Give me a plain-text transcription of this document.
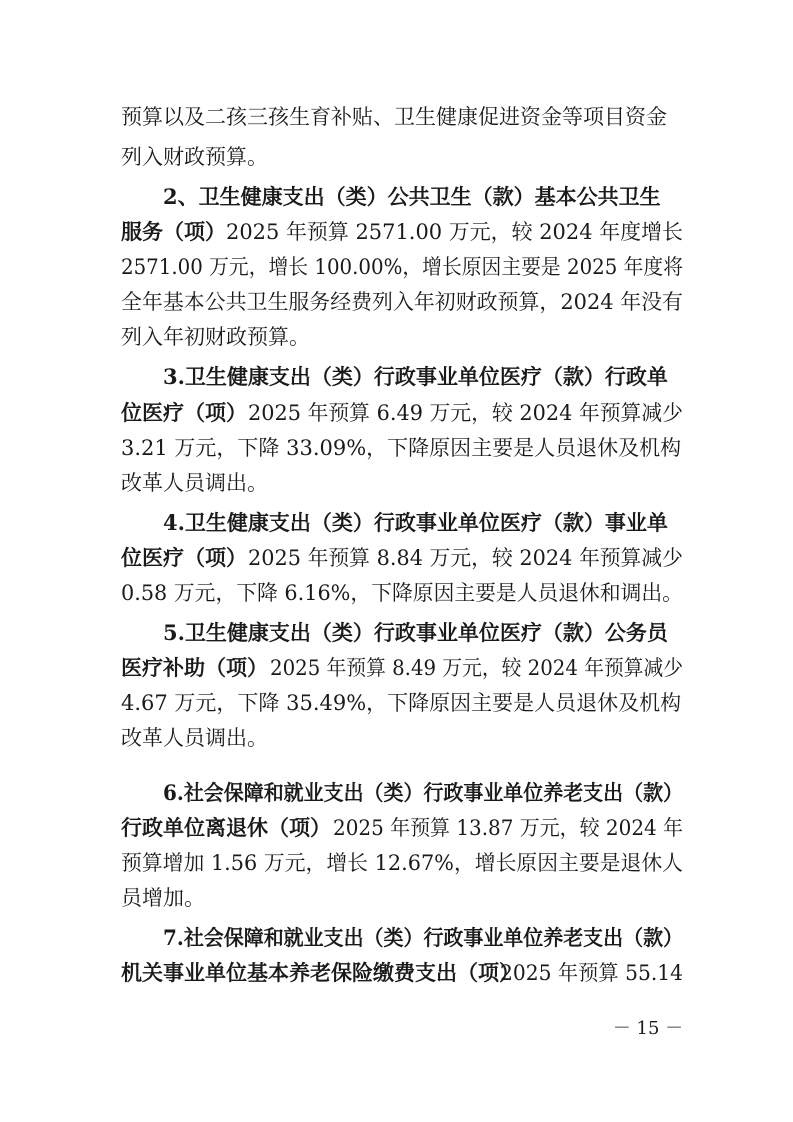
预算以及二孩三孩生育补贴、卫生健康促进资金等项目资金
列入财政预算。
2、卫生健康支出（类）公共卫生（款）基本公共卫生
服务（项） 2025 年预算 2571.00 万元，较 2024 年度增长
2571.00 万元，增长 100.00%，增长原因主要是 2025 年度将
全年基本公共卫生服务经费列入年初财政预算，2024 年没有
列入年初财政预算。
3.卫生健康支出（类）行政事业单位医疗（款）行政单
位医疗（项） 2025 年预算 6.49 万元，较 2024 年预算减少
3.21 万元，下降 33.09%，下降原因主要是人员退休及机构
改革人员调出。
4.卫生健康支出（类）行政事业单位医疗（款）事业单
位医疗（项） 2025 年预算 8.84 万元，较 2024 年预算减少
0.58 万元，下降 6.16%，下降原因主要是人员退休和调出。
5.卫生健康支出（类）行政事业单位医疗（款）公务员
医疗补助（项） 2025 年预算 8.49 万元，较 2024 年预算减少
4.67 万元，下降 35.49%，下降原因主要是人员退休及机构
改革人员调出。
6.社会保障和就业支出（类）行政事业单位养老支出（款）
行政单位离退休（项） 2025 年预算 13.87 万元，较 2024 年
预算增加 1.56 万元，增长 12.67%，增长原因主要是退休人
员增加。
7.社会保障和就业支出（类）行政事业单位养老支出（款）
机关事业单位基本养老保险缴费支出（项）
2025 年预算 55.14
－ 15 －
